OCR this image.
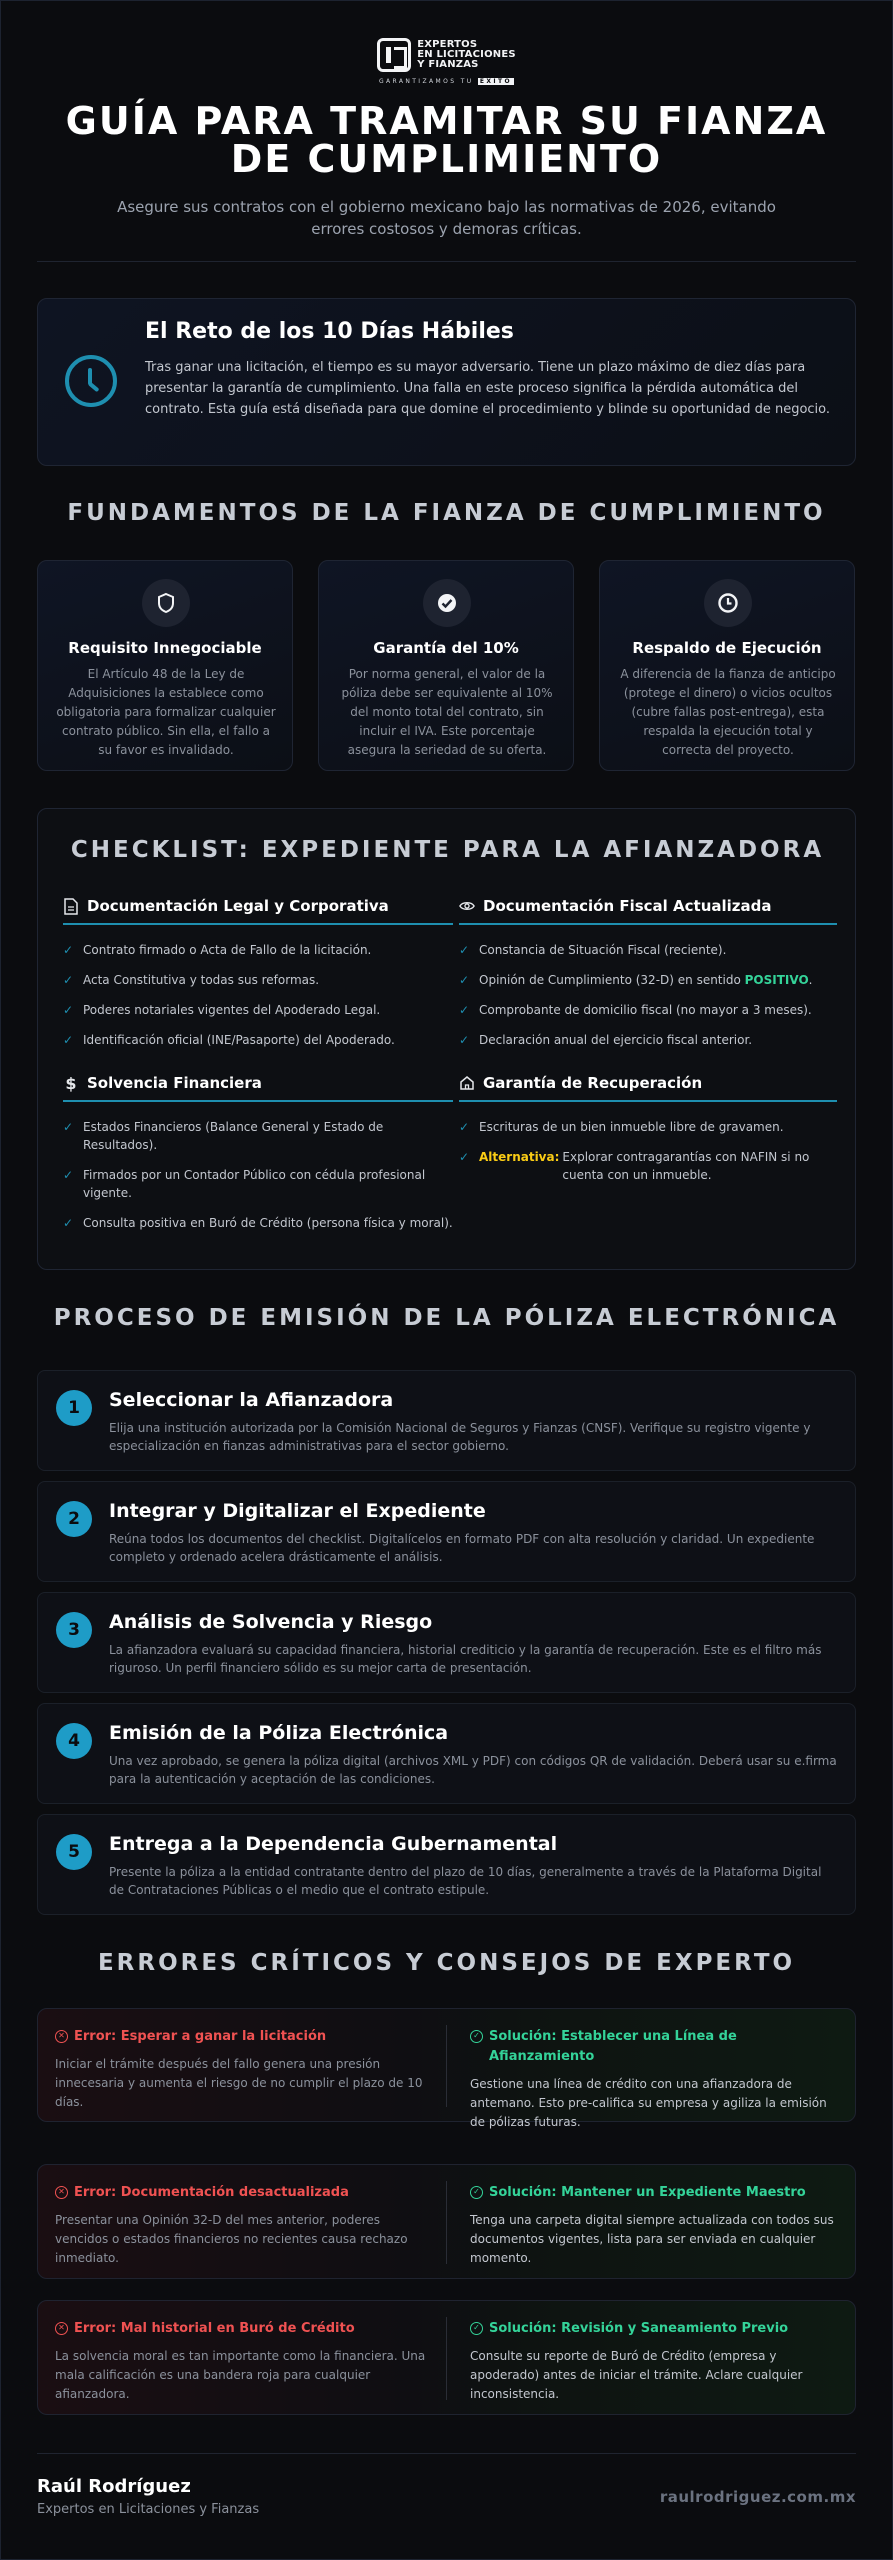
EXPERTOS
EN LICITACIONES
Y FIANZAS
GARANTIZAMOS TU ÉXITO
GUÍA PARA TRAMITAR SU FIANZA DE CUMPLIMIENTO

Asegure sus contratos con el gobierno mexicano bajo las normativas de 2026, evitando errores costosos y demoras críticas.

El Reto de los 10 Días Hábiles
Tras ganar una licitación, el tiempo es su mayor adversario. Tiene un plazo máximo de diez días para presentar la garantía de cumplimiento. Una falla en este proceso significa la pérdida automática del contrato. Esta guía está diseñada para que domine el procedimiento y blinde su oportunidad de negocio.
FUNDAMENTOS DE LA FIANZA DE CUMPLIMIENTO
Requisito Innegociable
El Artículo 48 de la Ley de Adquisiciones la establece como obligatoria para formalizar cualquier contrato público. Sin ella, el fallo a su favor es invalidado.
Garantía del 10%
Por norma general, el valor de la póliza debe ser equivalente al 10% del monto total del contrato, sin incluir el IVA. Este porcentaje asegura la seriedad de su oferta.
Respaldo de Ejecución
A diferencia de la fianza de anticipo (protege el dinero) o vicios ocultos (cubre fallas post-entrega), esta respalda la ejecución total y correcta del proyecto.
CHECKLIST: EXPEDIENTE PARA LA AFIANZADORA
Documentación Legal y Corporativa
✓ Contrato firmado o Acta de Fallo de la licitación.
✓ Acta Constitutiva y todas sus reformas.
✓ Poderes notariales vigentes del Apoderado Legal.
✓ Identificación oficial (INE/Pasaporte) del Apoderado.
Documentación Fiscal Actualizada
✓ Constancia de Situación Fiscal (reciente).
✓ Opinión de Cumplimiento (32-D) en sentido POSITIVO.
✓ Comprobante de domicilio fiscal (no mayor a 3 meses).
✓ Declaración anual del ejercicio fiscal anterior.
$ Solvencia Financiera
✓ Estados Financieros (Balance General y Estado de Resultados).
✓ Firmados por un Contador Público con cédula profesional vigente.
✓ Consulta positiva en Buró de Crédito (persona física y moral).
Garantía de Recuperación
✓ Escrituras de un bien inmueble libre de gravamen.
✓ Alternativa: Explorar contragarantías con NAFIN si no cuenta con un inmueble.
PROCESO DE EMISIÓN DE LA PÓLIZA ELECTRÓNICA
1	Seleccionar la Afianzadora
Elija una institución autorizada por la Comisión Nacional de Seguros y Fianzas (CNSF). Verifique su registro vigente y especialización en fianzas administrativas para el sector gobierno.
2	Integrar y Digitalizar el Expediente
Reúna todos los documentos del checklist. Digitalícelos en formato PDF con alta resolución y claridad. Un expediente completo y ordenado acelera drásticamente el análisis.
3	Análisis de Solvencia y Riesgo
La afianzadora evaluará su capacidad financiera, historial crediticio y la garantía de recuperación. Este es el filtro más riguroso. Un perfil financiero sólido es su mejor carta de presentación.
4	Emisión de la Póliza Electrónica
Una vez aprobado, se genera la póliza digital (archivos XML y PDF) con códigos QR de validación. Deberá usar su e.firma para la autenticación y aceptación de las condiciones.
5	Entrega a la Dependencia Gubernamental
Presente la póliza a la entidad contratante dentro del plazo de 10 días, generalmente a través de la Plataforma Digital de Contrataciones Públicas o el medio que el contrato estipule.
ERRORES CRÍTICOS Y CONSEJOS DE EXPERTO
✕ Error: Esperar a ganar la licitación
Iniciar el trámite después del fallo genera una presión innecesaria y aumenta el riesgo de no cumplir el plazo de 10 días.
✓ Solución: Establecer una Línea de Afianzamiento
Gestione una línea de crédito con una afianzadora de antemano. Esto pre-califica su empresa y agiliza la emisión de pólizas futuras.
✕ Error: Documentación desactualizada
Presentar una Opinión 32-D del mes anterior, poderes vencidos o estados financieros no recientes causa rechazo inmediato.
✓ Solución: Mantener un Expediente Maestro
Tenga una carpeta digital siempre actualizada con todos sus documentos vigentes, lista para ser enviada en cualquier momento.
✕ Error: Mal historial en Buró de Crédito
La solvencia moral es tan importante como la financiera. Una mala calificación es una bandera roja para cualquier afianzadora.
✓ Solución: Revisión y Saneamiento Previo
Consulte su reporte de Buró de Crédito (empresa y apoderado) antes de iniciar el trámite. Aclare cualquier inconsistencia.
Raúl Rodríguez
Expertos en Licitaciones y Fianzas
raulrodriguez.com.mx
